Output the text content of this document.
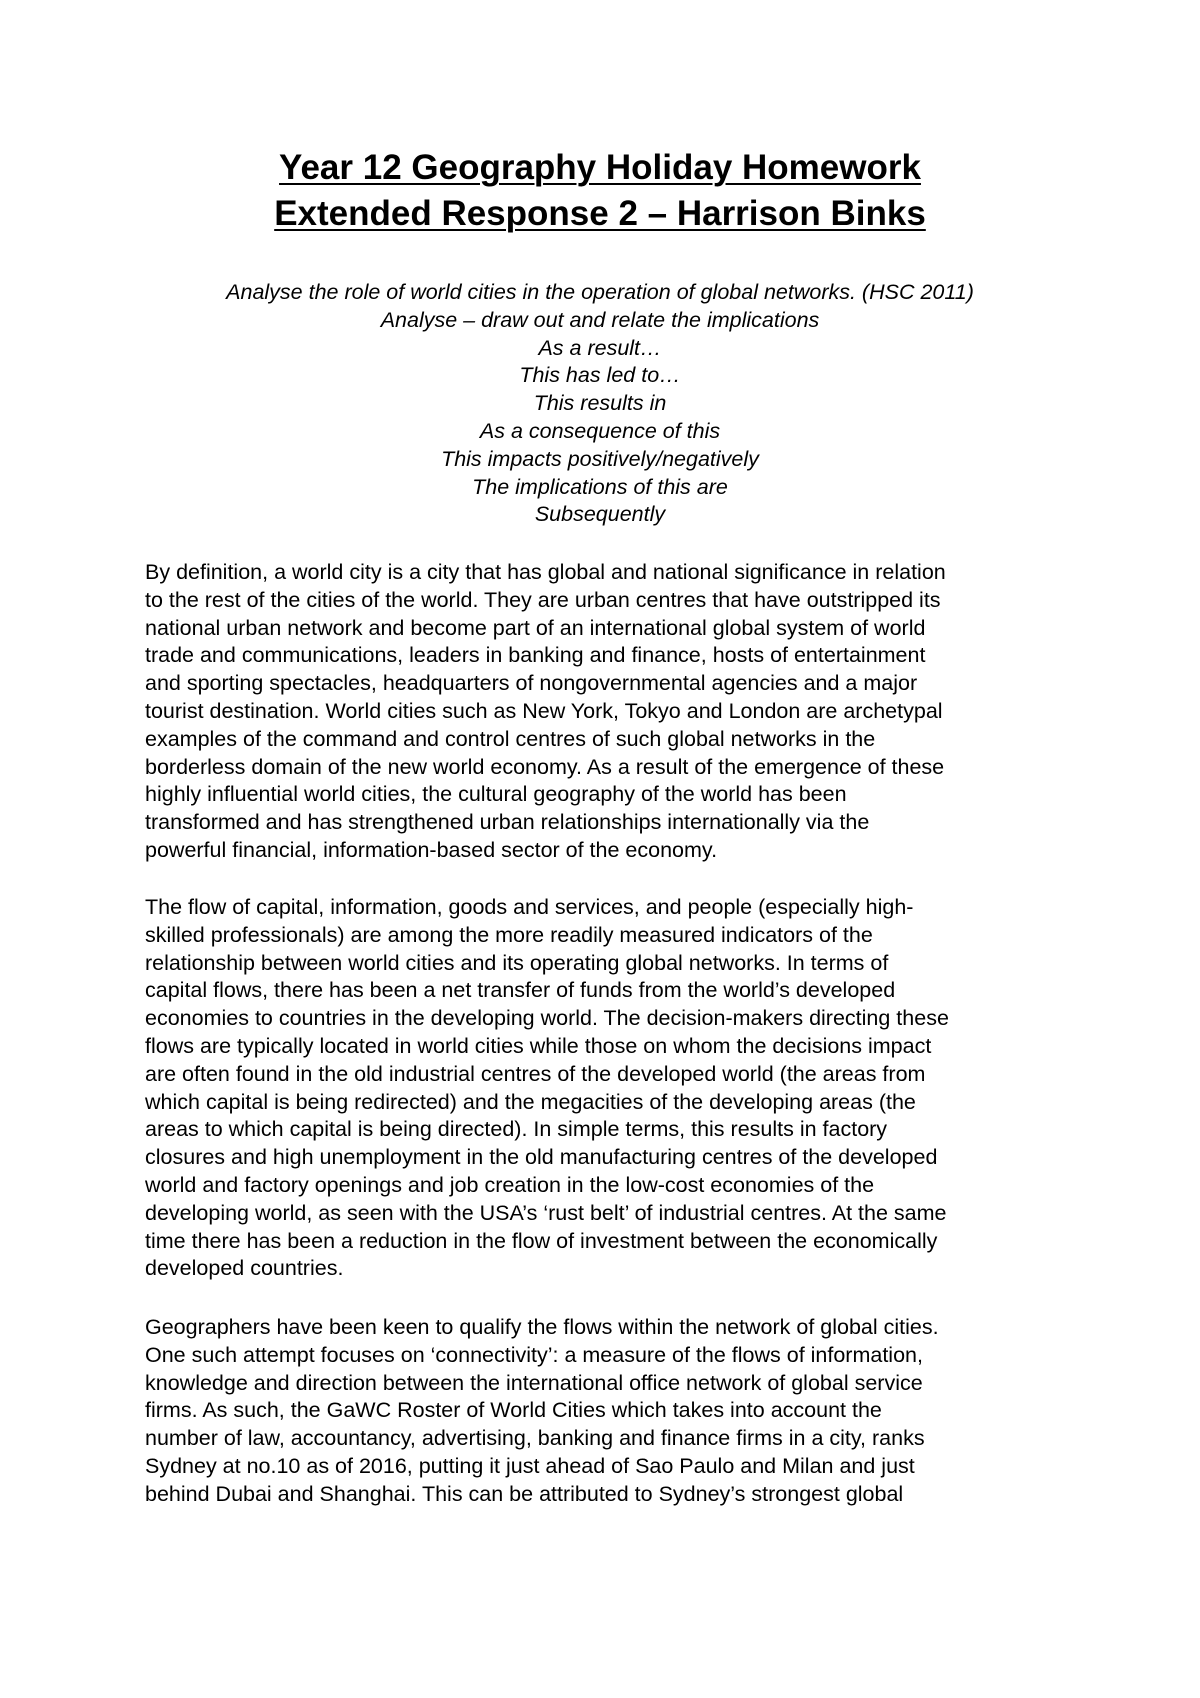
Year 12 Geography Holiday Homework
Extended Response 2 – Harrison Binks
Analyse the role of world cities in the operation of global networks. (HSC 2011)
Analyse – draw out and relate the implications
As a result…
This has led to…
This results in
As a consequence of this
This impacts positively/negatively
The implications of this are
Subsequently

By definition, a world city is a city that has global and national significance in relation
to the rest of the cities of the world. They are urban centres that have outstripped its
national urban network and become part of an international global system of world
trade and communications, leaders in banking and finance, hosts of entertainment
and sporting spectacles, headquarters of nongovernmental agencies and a major
tourist destination. World cities such as New York, Tokyo and London are archetypal
examples of the command and control centres of such global networks in the
borderless domain of the new world economy. As a result of the emergence of these
highly influential world cities, the cultural geography of the world has been
transformed and has strengthened urban relationships internationally via the
powerful financial, information-based sector of the economy.

The flow of capital, information, goods and services, and people (especially high-
skilled professionals) are among the more readily measured indicators of the
relationship between world cities and its operating global networks. In terms of
capital flows, there has been a net transfer of funds from the world’s developed
economies to countries in the developing world. The decision-makers directing these
flows are typically located in world cities while those on whom the decisions impact
are often found in the old industrial centres of the developed world (the areas from
which capital is being redirected) and the megacities of the developing areas (the
areas to which capital is being directed). In simple terms, this results in factory
closures and high unemployment in the old manufacturing centres of the developed
world and factory openings and job creation in the low-cost economies of the
developing world, as seen with the USA’s ‘rust belt’ of industrial centres. At the same
time there has been a reduction in the flow of investment between the economically
developed countries.

Geographers have been keen to qualify the flows within the network of global cities.
One such attempt focuses on ‘connectivity’: a measure of the flows of information,
knowledge and direction between the international office network of global service
firms. As such, the GaWC Roster of World Cities which takes into account the
number of law, accountancy, advertising, banking and finance firms in a city, ranks
Sydney at no.10 as of 2016, putting it just ahead of Sao Paulo and Milan and just
behind Dubai and Shanghai. This can be attributed to Sydney’s strongest global
